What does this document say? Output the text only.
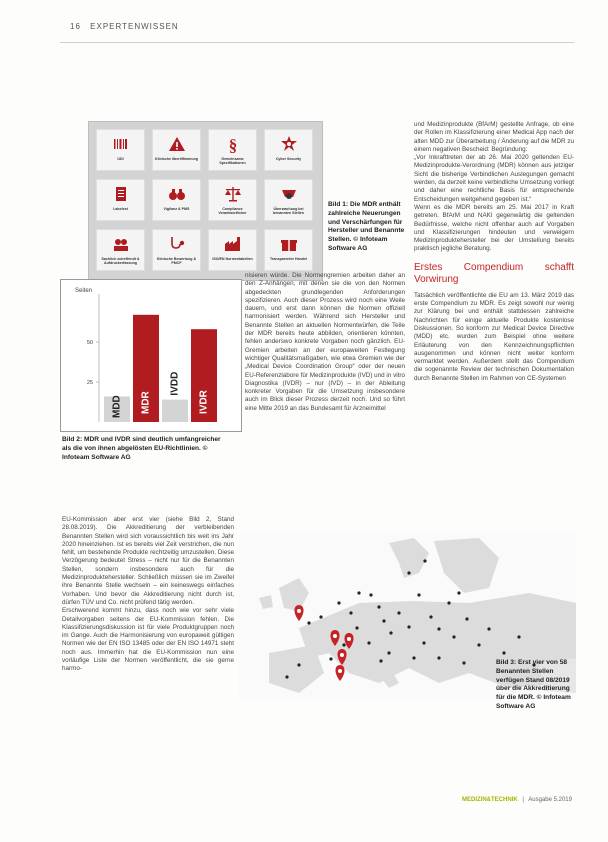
16 EXPERTENWISSEN
UDI	Klinische Ilbertilfimmung
§
Gemeinsame Spezifikationen
Cyber Security
Labelest	Vigilanz & PMS	Compliance Verantwortlicher
Überwachung bei benannten Stellen
Sachlich zutreffendt & Aufdruckerfassung
Klinische Bewertung & PMCF
ISO/EN Normentabellen	Transparenter Handel
Bild 1: Die MDR enthält zahlreiche Neuerungen und Verschärfungen für Hersteller und Benannte Stellen. © Infoteam Software AG
Seiten
25
50
MDD MDR
IVDD
IVDR
Bild 2: MDR und IVDR sind deutlich umfangreicher als die von ihnen abgelösten EU-Richtlinien. © Infoteam Software AG

EU-Kommission aber erst vier (siehe Bild 2, Stand 28.08.2019). Die Akkreditierung der verbleibenden Benannten Stellen wird sich voraussichtlich bis weit ins Jahr 2020 hineinziehen. Ist es bereits viel Zeit verstrichen, die nun fehlt, um bestehende Produkte rechtzeitig umzustellen. Diese Verzögerung bedeutet Stress – nicht nur für die Benannten Stellen, sondern insbesondere auch für die Medizinproduktehersteller. Schließlich müssen sie im Zweifel ihre Benannte Stelle wechseln – ein keineswegs einfaches Vorhaben. Und bevor die Akkreditierung nicht durch ist, dürfen TÜV und Co. nicht prüfend tätig werden.

Erschwerend kommt hinzu, dass noch wie vor sehr viele Detailvorgaben seitens der EU-Kommission fehlen. Die Klassifizierungsdiskussion ist für viele Produktgruppen noch im Gange. Auch die Harmonisierung von europaweit gültigen Normen wie der EN ISO 13485 oder der EN ISO 14971 steht noch aus. Immerhin hat die EU-Kommission nun eine vorläufige Liste der Normen veröffentlicht, die sie gerne harmo-

nisieren würde. Die Normengremien arbeiten daher an den Z-Anhängen, mit denen sie die von den Normen abgedeckten grundlegenden Anforderungen spezifizieren. Auch dieser Prozess wird noch eine Weile dauern, und erst dann können die Normen offiziell harmonisiert werden. Während sich Hersteller und Benannte Stellen an aktuellen Normentwürfen, die Teile der MDR bereits heute abbilden, orientieren könnten, fehlen anderswo konkrete Vorgaben noch gänzlich. EU-Gremien arbeiten an der europaweiten Festlegung wichtiger Qualitätsmaßgaben, wie etwa Gremien wie der „Medical Device Coordination Group“ oder der neuen EU-Referenzlabore für Medizinprodukte (IVD) und in vitro Diagnostika (IVDR) – nur (IVD) – in der Ableitung konkreter Vorgaben für die Umsetzung insbesondere auch im Blick dieser Prozess derzeit noch. Und so führt eine Mitte 2019 an das Bundesamt für Arzneimittel

und Medizinprodukte (BfArM) gestellte Anfrage, ob eine der Rollen im Klassifizierung einer Medical App nach der alten MDD zur Überarbeitung / Änderung auf die MDR zu einem negativen Bescheid: Begründung:

„Vor Inkrafttreten der ab 26. Mai 2020 geltenden EU-Medizinprodukte-Verordnung (MDR) können aus jetziger Sicht die bisherige Verbindlichen Auslegungen gemacht werden, da derzeit keine verbindliche Umsetzung vorliegt und daher eine rechtliche Basis für entsprechende Entscheidungen weitgehend gegeben ist.“

Wenn es die MDR bereits am 25. Mai 2017 in Kraft getreten. BfArM und NAKI gegenwärtig die geltenden Bedürfnisse, welche nicht offenbar auch auf Vorgaben und Klassifizierungen hindeuten und verweigern Medizinproduktehersteller bei der Umstellung bereits praktisch jegliche Beratung.

Erstes Compendium schafft Vorwirung

Tatsächlich veröffentlichte die EU am 13. März 2019 das erste Compendium zu MDR. Es zeigt sowohl nur wenig zur Klärung bei und enthält stattdessen zahlreiche Nachrichten für einige aktuelle Produkte kostenlose Diskussionen. So konform zur Medical Device Directive (MDD) etc. wurden zum Beispiel ohne weitere Erläuterung von den Kennzeichnungspflichten ausgenommen und können nicht weiter konform vermarktet werden. Außerdem stellt das Compendium die sogenannte Review der technischen Dokumentation durch Benannte Stellen im Rahmen von CE-Systemen

Bild 3: Erst vier von 58 Benannten Stellen verfügen Stand 08/2019 über die Akkreditierung für die MDR. © Infoteam Software AG
MEDIZIN&TECHNIK | Ausgabe 5.2019
